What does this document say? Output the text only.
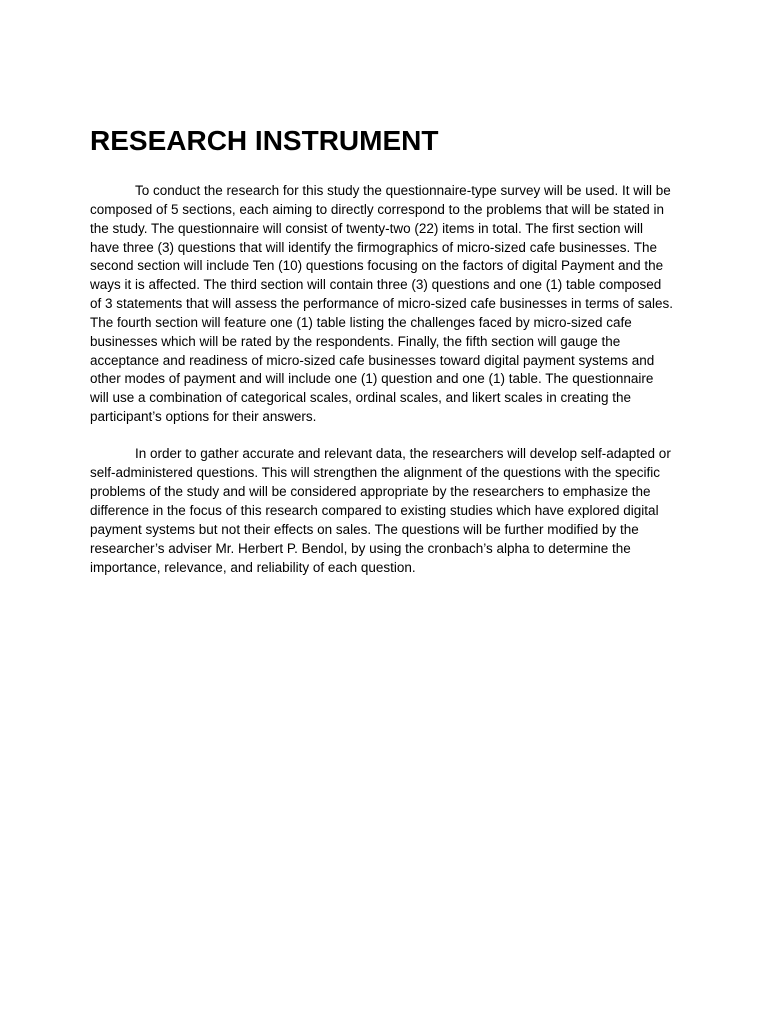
RESEARCH INSTRUMENT

To conduct the research for this study the questionnaire-type survey will be used. It will be composed of 5 sections, each aiming to directly correspond to the problems that will be stated in the study. The questionnaire will consist of twenty-two (22) items in total. The first section will have three (3) questions that will identify the firmographics of micro-sized cafe businesses. The second section will include Ten (10) questions focusing on the factors of digital Payment and the ways it is affected. The third section will contain three (3) questions and one (1) table composed of 3 statements that will assess the performance of micro-sized cafe businesses in terms of sales. The fourth section will feature one (1) table listing the challenges faced by micro-sized cafe businesses which will be rated by the respondents. Finally, the fifth section will gauge the acceptance and readiness of micro-sized cafe businesses toward digital payment systems and other modes of payment and will include one (1) question and one (1) table. The questionnaire will use a combination of categorical scales, ordinal scales, and likert scales in creating the participant’s options for their answers.

In order to gather accurate and relevant data, the researchers will develop self-adapted or self-administered questions. This will strengthen the alignment of the questions with the specific problems of the study and will be considered appropriate by the researchers to emphasize the difference in the focus of this research compared to existing studies which have explored digital payment systems but not their effects on sales. The questions will be further modified by the researcher’s adviser Mr. Herbert P. Bendol, by using the cronbach’s alpha to determine the importance, relevance, and reliability of each question.
